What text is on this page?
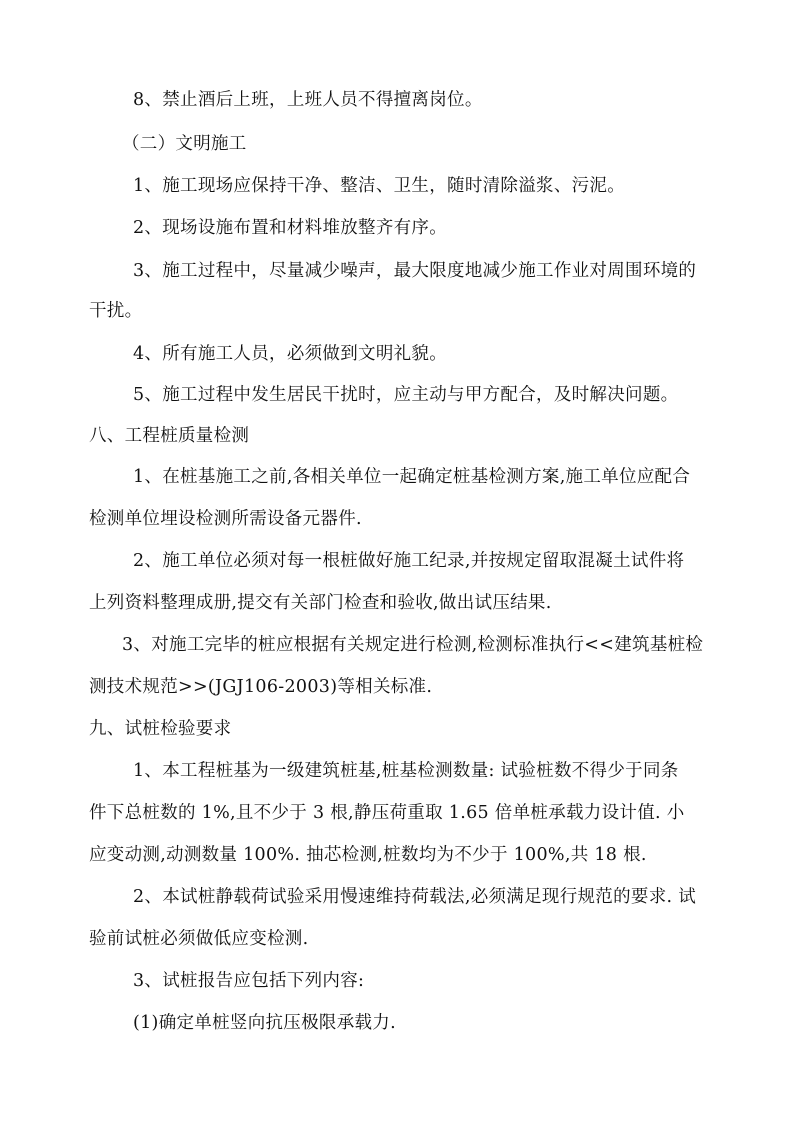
8、禁止酒后上班，上班人员不得擅离岗位。
（二）文明施工
1、施工现场应保持干净、整洁、卫生，随时清除溢浆、污泥。
2、现场设施布置和材料堆放整齐有序。
3、施工过程中，尽量减少噪声，最大限度地减少施工作业对周围环境的
干扰。
4、所有施工人员，必须做到文明礼貌。
5、施工过程中发生居民干扰时，应主动与甲方配合，及时解决问题。
八、工程桩质量检测
1、在桩基施工之前,各相关单位一起确定桩基检测方案,施工单位应配合
检测单位埋设检测所需设备元器件.
2、施工单位必须对每一根桩做好施工纪录,并按规定留取混凝土试件将
上列资料整理成册,提交有关部门检查和验收,做出试压结果.
3、对施工完毕的桩应根据有关规定进行检测,检测标准执行<<建筑基桩检
测技术规范>>(JGJ106-2003)等相关标准.
九、试桩检验要求
1、本工程桩基为一级建筑桩基,桩基检测数量: 试验桩数不得少于同条
件下总桩数的 1%,且不少于 3 根,静压荷重取 1.65 倍单桩承载力设计值. 小
应变动测,动测数量 100%. 抽芯检测,桩数均为不少于 100%,共 18 根.
2、本试桩静载荷试验采用慢速维持荷载法,必须满足现行规范的要求. 试
验前试桩必须做低应变检测.
3、试桩报告应包括下列内容:
(1)确定单桩竖向抗压极限承载力.
